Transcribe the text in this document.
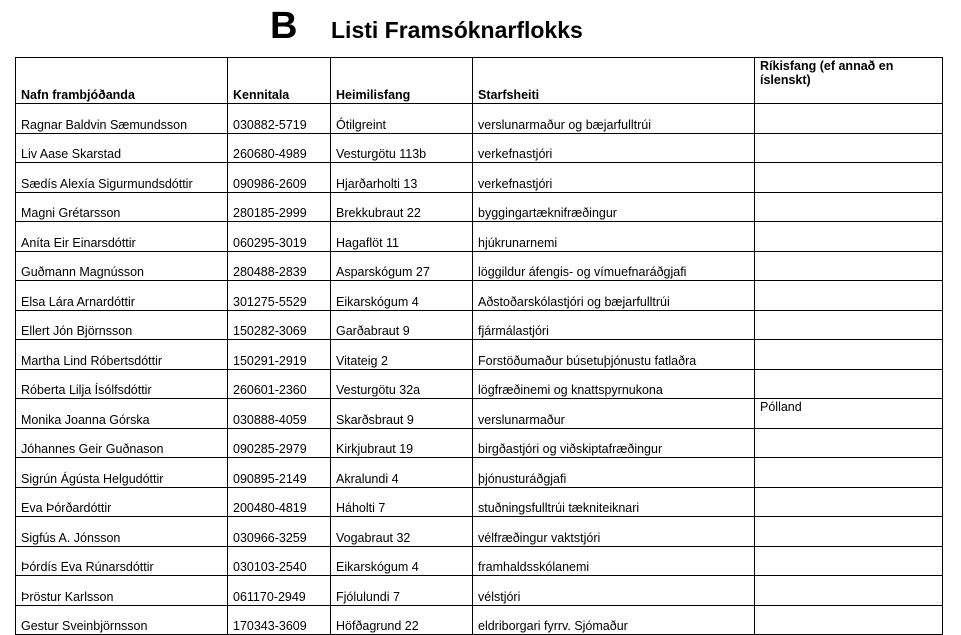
B Listi Framsóknarflokks
Nafn frambjóðanda	Kennitala	Heimilisfang	Starfsheiti	Ríkisfang (ef annað en íslenskt)
Ragnar Baldvin Sæmundsson	030882-5719	Ótilgreint	verslunarmaður og bæjarfulltrúi	
Liv Aase Skarstad	260680-4989	Vesturgötu 113b	verkefnastjóri	
Sædís Alexía Sigurmundsdóttir	090986-2609	Hjarðarholti 13	verkefnastjóri	
Magni Grétarsson	280185-2999	Brekkubraut 22	byggingartæknifræðingur	
Aníta Eir Einarsdóttir	060295-3019	Hagaflöt 11	hjúkrunarnemi	
Guðmann Magnússon	280488-2839	Asparskógum 27	löggildur áfengis- og vímuefnaráðgjafi	
Elsa Lára Arnardóttir	301275-5529	Eikarskógum 4	Aðstoðarskólastjóri og bæjarfulltrúi	
Ellert Jón Björnsson	150282-3069	Garðabraut 9	fjármálastjóri	
Martha Lind Róbertsdóttir	150291-2919	Vitateig 2	Forstöðumaður búsetuþjónustu fatlaðra	
Róberta Lilja Ísólfsdóttir	260601-2360	Vesturgötu 32a	lögfræðinemi og knattspyrnukona	
Monika Joanna Górska	030888-4059	Skarðsbraut 9	verslunarmaður	Pólland
Jóhannes Geir Guðnason	090285-2979	Kirkjubraut 19	birgðastjóri og viðskiptafræðingur	
Sigrún Ágústa Helgudóttir	090895-2149	Akralundi 4	þjónusturáðgjafi	
Eva Þórðardóttir	200480-4819	Háholti 7	stuðningsfulltrúi tækniteiknari	
Sigfús A. Jónsson	030966-3259	Vogabraut 32	vélfræðingur vaktstjóri	
Þórdís Eva Rúnarsdóttir	030103-2540	Eikarskógum 4	framhaldsskólanemi	
Þröstur Karlsson	061170-2949	Fjólulundi 7	vélstjóri	
Gestur Sveinbjörnsson	170343-3609	Höfðagrund 22	eldriborgari fyrrv. Sjómaður	
